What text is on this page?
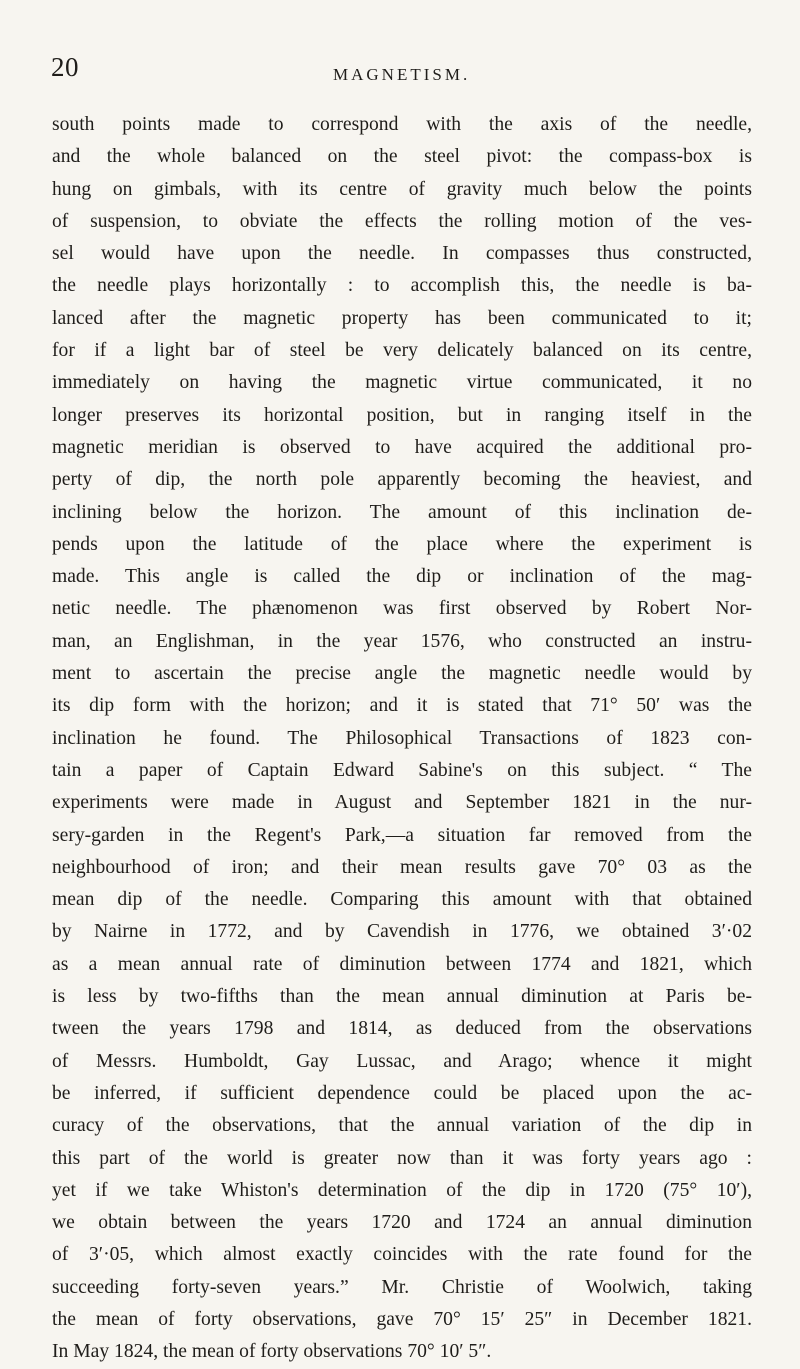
20	MAGNETISM.
south points made to correspond with the axis of the needle,
and the whole balanced on the steel pivot: the compass-box is
hung on gimbals, with its centre of gravity much below the points
of suspension, to obviate the effects the rolling motion of the ves-
sel would have upon the needle. In compasses thus constructed,
the needle plays horizontally : to accomplish this, the needle is ba-
lanced after the magnetic property has been communicated to it;
for if a light bar of steel be very delicately balanced on its centre,
immediately on having the magnetic virtue communicated, it no
longer preserves its horizontal position, but in ranging itself in the
magnetic meridian is observed to have acquired the additional pro-
perty of dip, the north pole apparently becoming the heaviest, and
inclining below the horizon. The amount of this inclination de-
pends upon the latitude of the place where the experiment is
made. This angle is called the dip or inclination of the mag-
netic needle. The phænomenon was first observed by Robert Nor-
man, an Englishman, in the year 1576, who constructed an instru-
ment to ascertain the precise angle the magnetic needle would by
its dip form with the horizon; and it is stated that 71° 50′ was the
inclination he found. The Philosophical Transactions of 1823 con-
tain a paper of Captain Edward Sabine's on this subject. “ The
experiments were made in August and September 1821 in the nur-
sery-garden in the Regent's Park,—a situation far removed from the
neighbourhood of iron; and their mean results gave 70° 03 as the
mean dip of the needle. Comparing this amount with that obtained
by Nairne in 1772, and by Cavendish in 1776, we obtained 3′·02
as a mean annual rate of diminution between 1774 and 1821, which
is less by two-fifths than the mean annual diminution at Paris be-
tween the years 1798 and 1814, as deduced from the observations
of Messrs. Humboldt, Gay Lussac, and Arago; whence it might
be inferred, if sufficient dependence could be placed upon the ac-
curacy of the observations, that the annual variation of the dip in
this part of the world is greater now than it was forty years ago :
yet if we take Whiston's determination of the dip in 1720 (75° 10′),
we obtain between the years 1720 and 1724 an annual diminution
of 3′·05, which almost exactly coincides with the rate found for the
succeeding forty-seven years.” Mr. Christie of Woolwich, taking
the mean of forty observations, gave 70° 15′ 25″ in December 1821.
In May 1824, the mean of forty observations 70° 10′ 5″.
